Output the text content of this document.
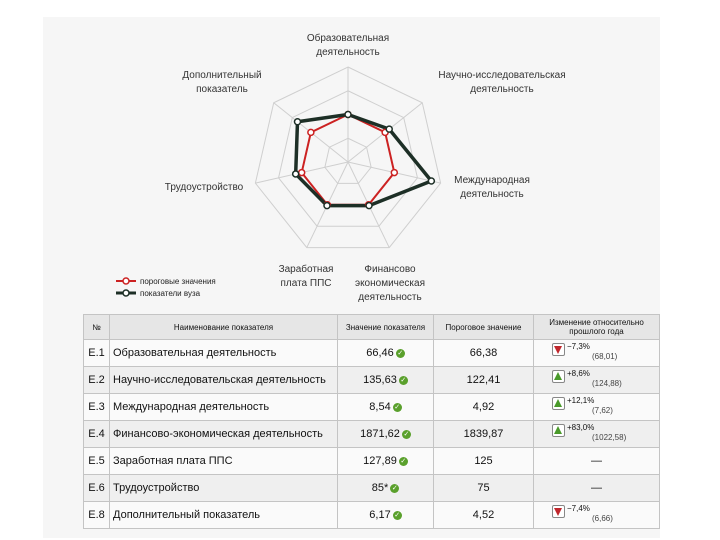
Образовательная
деятельность
Научно-исследовательская
деятельность
Международная
деятельность
Финансово
экономическая
деятельность
Заработная
плата ППС
Трудоустройство
Дополнительный
показатель
пороговые значения
показатели вуза
№	Наименование показателя	Значение показателя	Пороговое значение	Изменение относительно прошлого года
Е.1	Образовательная деятельность	66,46 ✓	66,38	−7,3%
(68,01)

Е.2	Научно-исследовательская деятельность	135,63 ✓	122,41	+8,6%
(124,88)

Е.3	Международная деятельность	8,54 ✓	4,92	+12,1%
(7,62)

Е.4	Финансово-экономическая деятельность	1871,62 ✓	1839,87	+83,0%
(1022,58)

Е.5	Заработная плата ППС	127,89 ✓	125	—
Е.6	Трудоустройство	85* ✓	75	—
Е.8	Дополнительный показатель	6,17 ✓	4,52	−7,4%
(6,66)
